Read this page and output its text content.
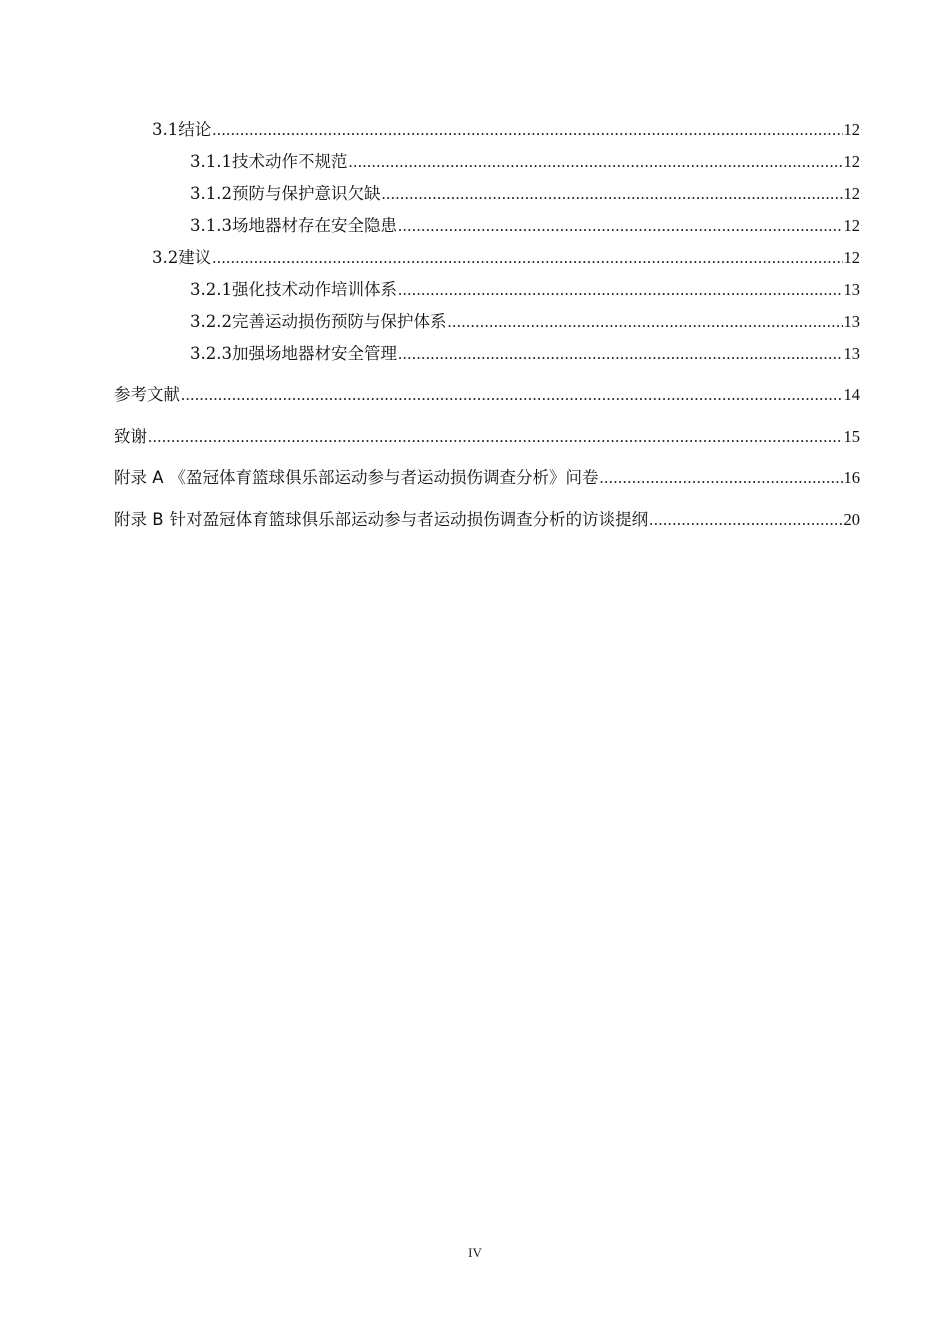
3.1 结论 .....	12
3.1.1 技术动作不规范 .....	12
3.1.2 预防与保护意识欠缺 .....	12
3.1.3 场地器材存在安全隐患 .....	12
3.2 建议 .....	12
3.2.1 强化技术动作培训体系 .....	13
3.2.2 完善运动损伤预防与保护体系 .....	13
3.2.3 加强场地器材安全管理 .....	13
参考文献 .....	14
致谢 .....	15
附录 A 《盈冠体育篮球俱乐部运动参与者运动损伤调查分析》问卷 .....	16
附录 B 针对盈冠体育篮球俱乐部运动参与者运动损伤调查分析的访谈提纲 .....	20
IV
